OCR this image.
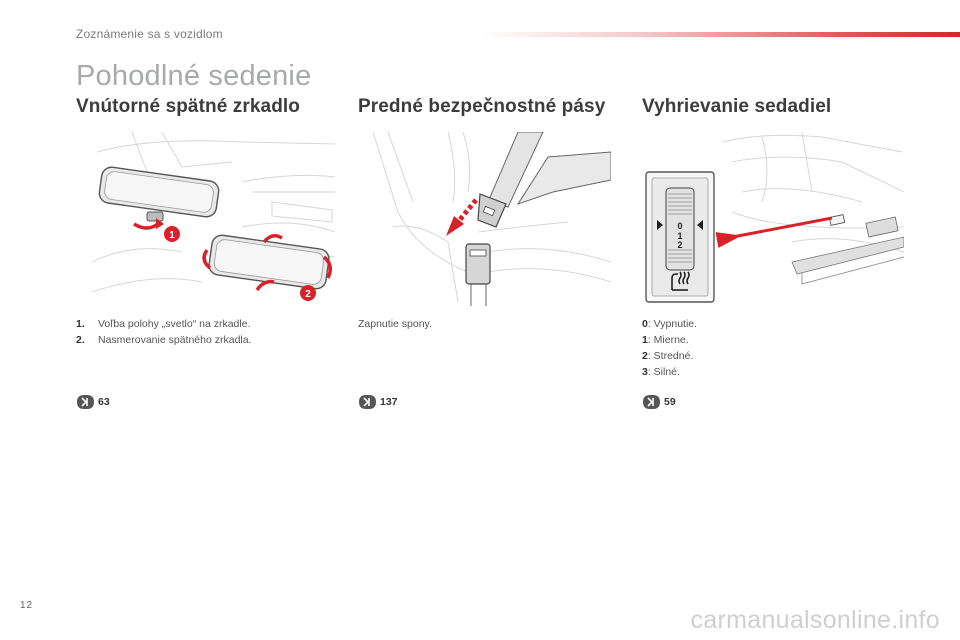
Zoznámenie sa s vozidlom
Pohodlné sedenie
Vnútorné spätné zrkadlo
1
2
1. Voľba polohy „svetlo“ na zrkadle.
2. Nasmerovanie spätného zrkadla.
63
Predné bezpečnostné pásy
Zapnutie spony.
137
Vyhrievanie sedadiel
0
1
2
0: Vypnutie.
1: Mierne.
2: Stredné.
3: Silné.
59
12
carmanualsonline.info
